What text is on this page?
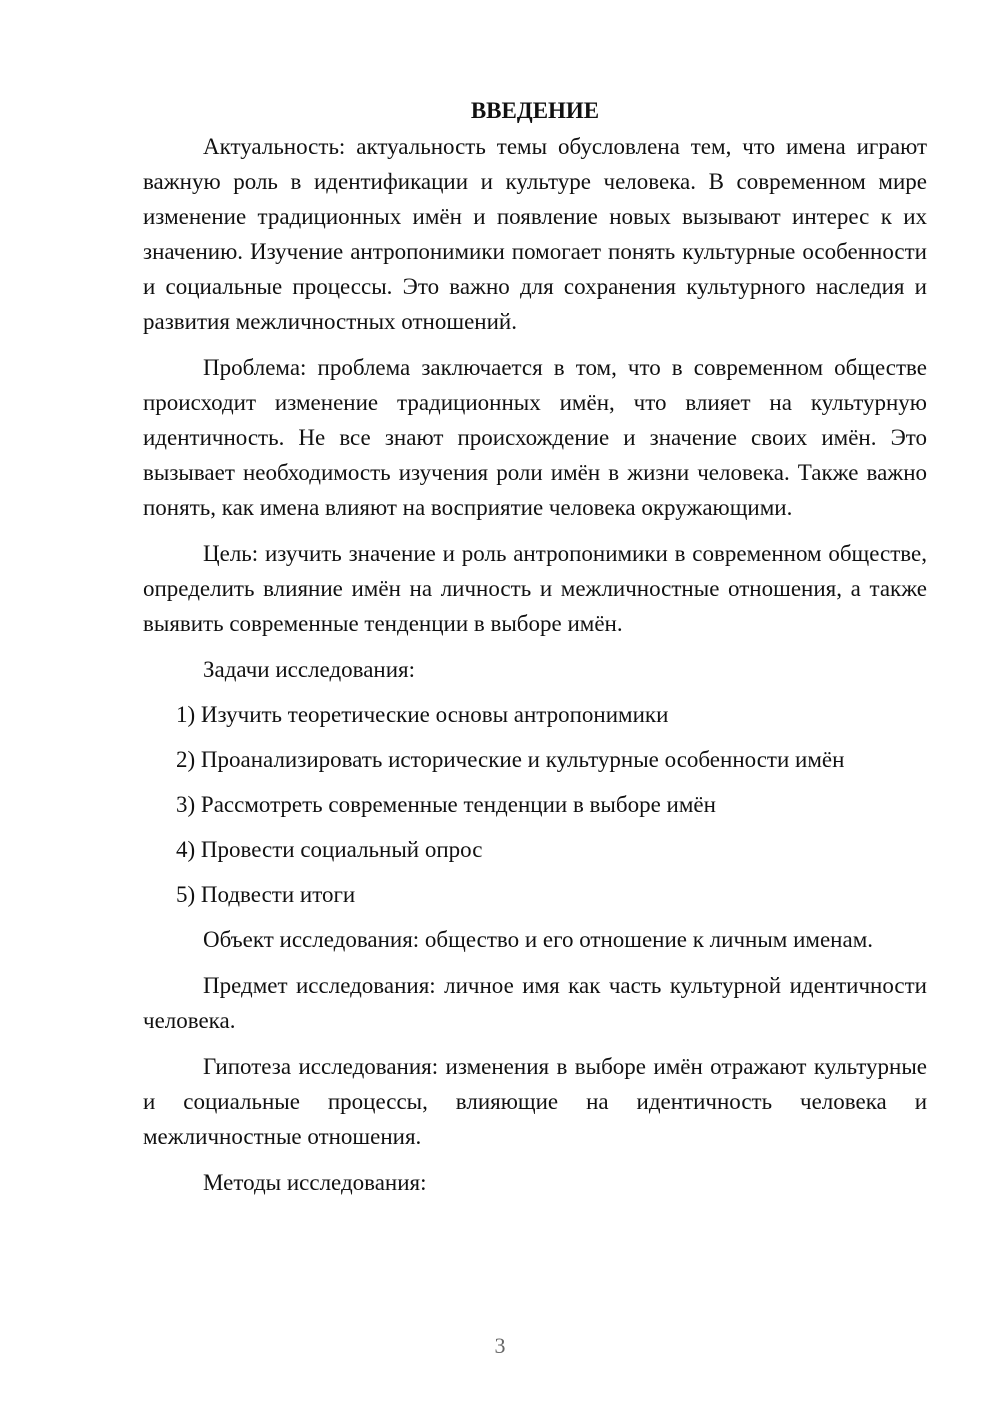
ВВЕДЕНИЕ

Актуальность: актуальность темы обусловлена тем, что имена играют важную роль в идентификации и культуре человека. В современном мире изменение традиционных имён и появление новых вызывают интерес к их значению. Изучение антропонимики помогает понять культурные особенности и социальные процессы. Это важно для сохранения культурного наследия и развития межличностных отношений.

Проблема: проблема заключается в том, что в современном обществе происходит изменение традиционных имён, что влияет на культурную идентичность. Не все знают происхождение и значение своих имён. Это вызывает необходимость изучения роли имён в жизни человека. Также важно понять, как имена влияют на восприятие человека окружающими.

Цель: изучить значение и роль антропонимики в современном обществе, определить влияние имён на личность и межличностные отношения, а также выявить современные тенденции в выборе имён.

Задачи исследования:

1) Изучить теоретические основы антропонимики
2) Проанализировать исторические и культурные особенности имён
3) Рассмотреть современные тенденции в выборе имён
4) Провести социальный опрос
5) Подвести итоги

Объект исследования: общество и его отношение к личным именам.

Предмет исследования: личное имя как часть культурной идентичности человека.

Гипотеза исследования: изменения в выборе имён отражают культурные и социальные процессы, влияющие на идентичность человека и межличностные отношения.

Методы исследования:

3
